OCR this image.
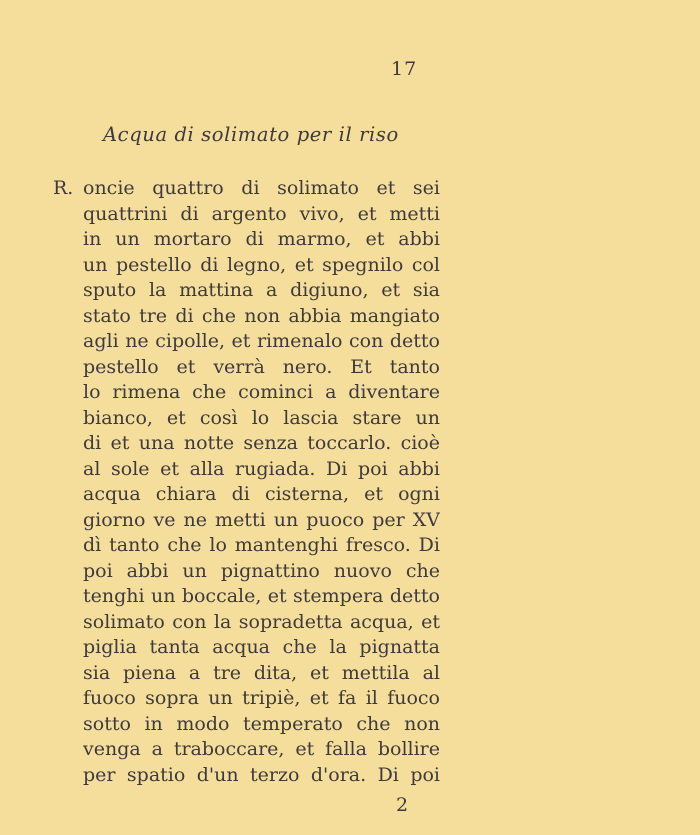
17
Acqua di solimato per il riso
R. oncie quattro di solimato et sei
quattrini di argento vivo, et metti
in un mortaro di marmo, et abbi
un pestello di legno, et spegnilo col
sputo la mattina a digiuno, et sia
stato tre di che non abbia mangiato
agli ne cipolle, et rimenalo con detto
pestello et verrà nero. Et tanto
lo rimena che cominci a diventare
bianco, et così lo lascia stare un
di et una notte senza toccarlo. cioè
al sole et alla rugiada. Di poi abbi
acqua chiara di cisterna, et ogni
giorno ve ne metti un puoco per XV
dì tanto che lo mantenghi fresco. Di
poi abbi un pignattino nuovo che
tenghi un boccale, et stempera detto
solimato con la sopradetta acqua, et
piglia tanta acqua che la pignatta
sia piena a tre dita, et mettila al
fuoco sopra un tripiè, et fa il fuoco
sotto in modo temperato che non
venga a traboccare, et falla bollire
per spatio d'un terzo d'ora. Di poi
2
